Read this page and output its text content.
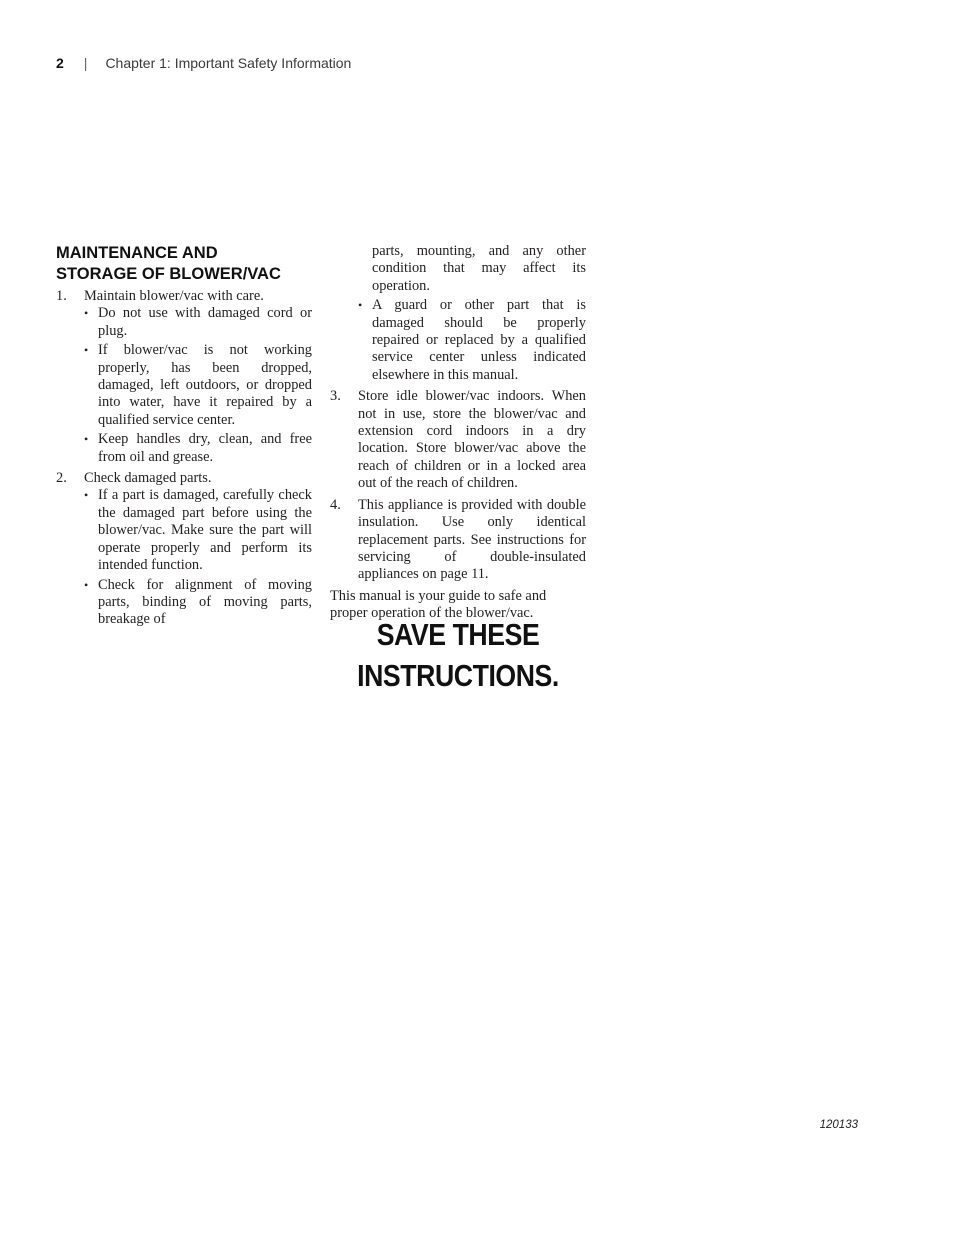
2 | Chapter 1: Important Safety Information
MAINTENANCE AND
STORAGE OF BLOWER/VAC
1. Maintain blower/vac with care.

• Do not use with damaged cord or plug.
• If blower/vac is not working properly, has been dropped, damaged, left outdoors, or dropped into water, have it repaired by a qualified service center.
• Keep handles dry, clean, and free from oil and grease.
2. Check damaged parts.

• If a part is damaged, carefully check the damaged part before using the blower/vac. Make sure the part will operate properly and perform its intended function.
• Check for alignment of moving parts, binding of moving parts, breakage of
parts, mounting, and any other condition that may affect its operation.
• A guard or other part that is damaged should be properly repaired or replaced by a qualified service center unless indicated elsewhere in this manual.
3. Store idle blower/vac indoors. When not in use, store the blower/vac and extension cord indoors in a dry location. Store blower/vac above the reach of children or in a locked area out of the reach of children.

4. This appliance is provided with double insulation. Use only identical replacement parts. See instructions for servicing of double-insulated appliances on page 11.

This manual is your guide to safe and proper operation of the blower/vac.

SAVE THESE
INSTRUCTIONS.
120133
